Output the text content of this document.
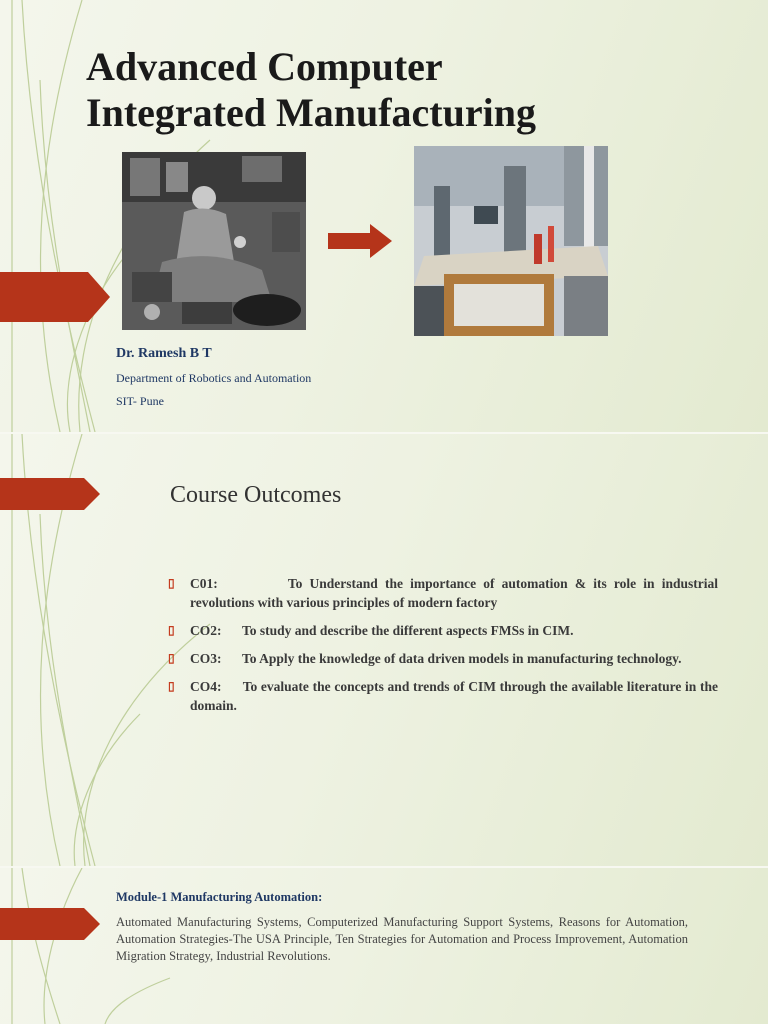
Advanced Computer
Integrated Manufacturing
Dr. Ramesh B T
Department of Robotics and Automation
SIT- Pune
Course Outcomes
▯ C01:	To Understand the importance of automation & its role in industrial revolutions with various principles of modern factory
▯ CO2: To study and describe the different aspects FMSs in CIM.
▯ CO3: To Apply the knowledge of data driven models in manufacturing technology.
▯ CO4: To evaluate the concepts and trends of CIM through the available literature in the domain.
Module-1 Manufacturing Automation:
Automated Manufacturing Systems, Computerized Manufacturing Support Systems, Reasons for Automation, Automation Strategies-The USA Principle, Ten Strategies for Automation and Process Improvement, Automation Migration Strategy, Industrial Revolutions.
